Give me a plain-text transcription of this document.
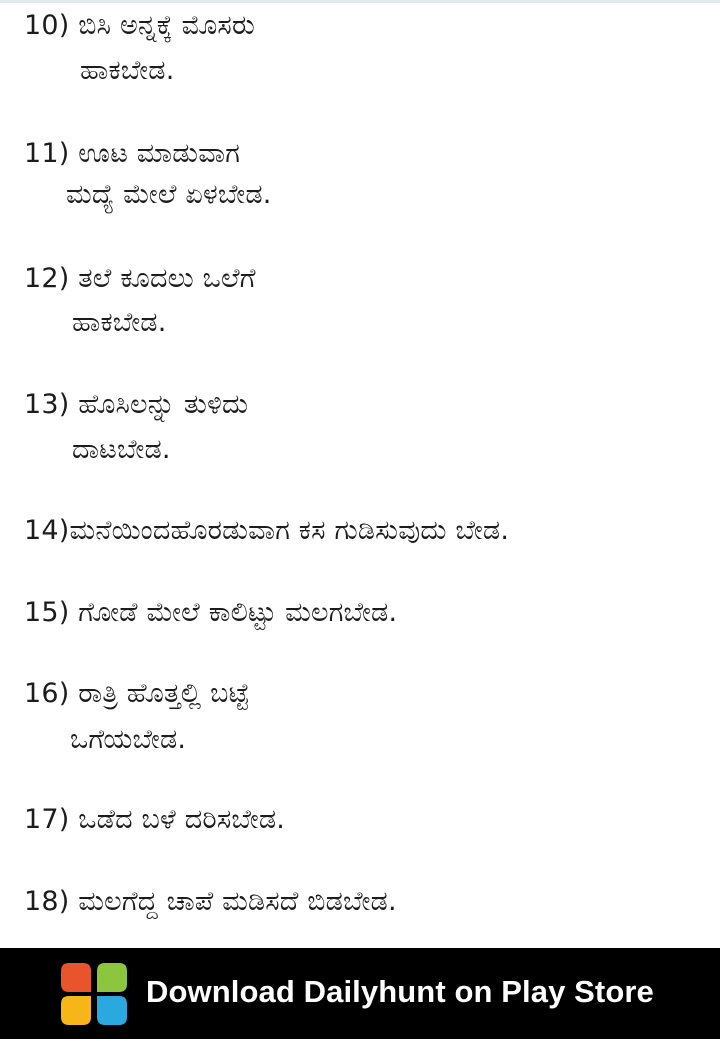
10) ಬಿಸಿ ಅನ್ನಕ್ಕೆ ಮೊಸರು
ಹಾಕಬೇಡ.
11) ಊಟ ಮಾಡುವಾಗ
ಮದ್ಯೆ ಮೇಲೆ ಏಳಬೇಡ.
12) ತಲೆ ಕೂದಲು ಒಲೆಗೆ
ಹಾಕಬೇಡ.
13) ಹೊಸಿಲನ್ನು ತುಳಿದು
ದಾಟಬೇಡ.
14)ಮನೆಯಿಂದಹೊರಡುವಾಗ ಕಸ ಗುಡಿಸುವುದು ಬೇಡ.
15) ಗೋಡೆ ಮೇಲೆ ಕಾಲಿಟ್ಟು ಮಲಗಬೇಡ.
16) ರಾತ್ರಿ ಹೊತ್ತಲ್ಲಿ ಬಟ್ಟೆ
ಒಗೆಯಬೇಡ.
17) ಒಡೆದ ಬಳೆ ದರಿಸಬೇಡ.
18) ಮಲಗೆದ್ದ ಚಾಪೆ ಮಡಿಸದೆ ಬಿಡಬೇಡ.
Download Dailyhunt on Play Store
